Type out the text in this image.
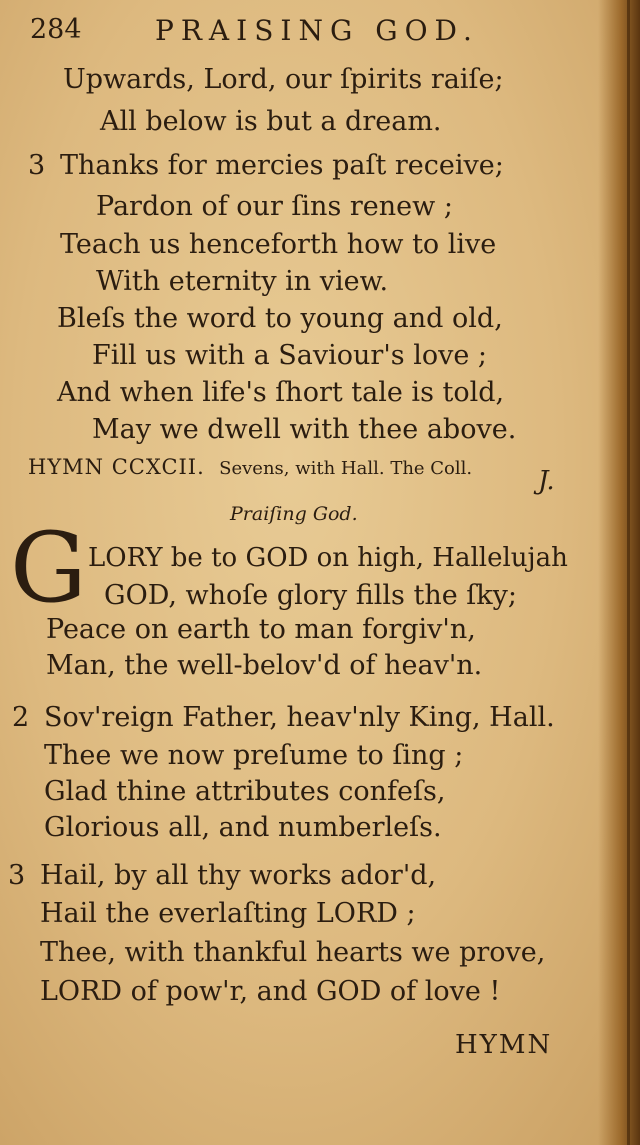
284	PRAISING GOD.
Upwards, Lord, our ſpirits raiſe;
All below is but a dream.
3 Thanks for mercies paſt receive;
Pardon of our ſins renew ;
Teach us henceforth how to live
With eternity in view.
Bleſs the word to young and old,
Fill us with a Saviour's love ;
And when life's ſhort tale is told,
May we dwell with thee above.
HYMN CCXCII. Sevens, with Hall. The Coll.	J.
Praiſing God.
G LORY be to GOD on high, Hallelujah
GOD, whoſe glory fills the ſky;
Peace on earth to man forgiv'n,
Man, the well-belov'd of heav'n.
2 Sov'reign Father, heav'nly King, Hall.
Thee we now preſume to ſing ;
Glad thine attributes confeſs,
Glorious all, and numberleſs.
3 Hail, by all thy works ador'd,
Hail the everlaſting LORD ;
Thee, with thankful hearts we prove,
LORD of pow'r, and GOD of love !
HYMN
